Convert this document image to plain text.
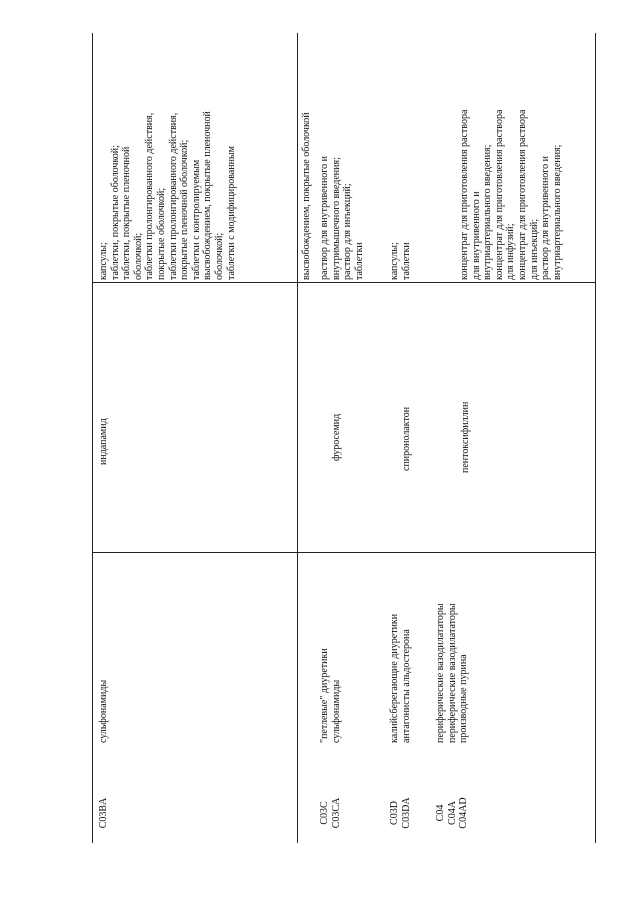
C03BA
сульфонамиды
индапамид
капсулы; таблетки, покрытые оболочкой; таблетки, покрытые пленочной оболочкой; таблетки пролонгированного действия, покрытые оболочкой; таблетки пролонгированного действия, покрытые пленочной оболочкой; таблетки с контролируемым высвобождением, покрытые пленочной оболочкой; таблетки с модифицированным	высвобождением, покрытые оболочкой
C03C C03CA
"петлевые" диуретики сульфонамиды
фуросемид
раствор для внутривенного и внутримышечного введения; раствор для инъекций; таблетки
C03D C03DA
калийсберегающие диуретики антагонисты альдостерона
спиронолактон
капсулы; таблетки
C04 C04A C04AD
периферические вазодилататоры периферические вазодилататоры производные пурина
пентоксифиллин
концентрат для приготовления раствора для внутривенного и внутриартериального введения; концентрат для приготовления раствора для инфузий; концентрат для приготовления раствора для инъекций; раствор для внутривенного и внутриартериального введения;
